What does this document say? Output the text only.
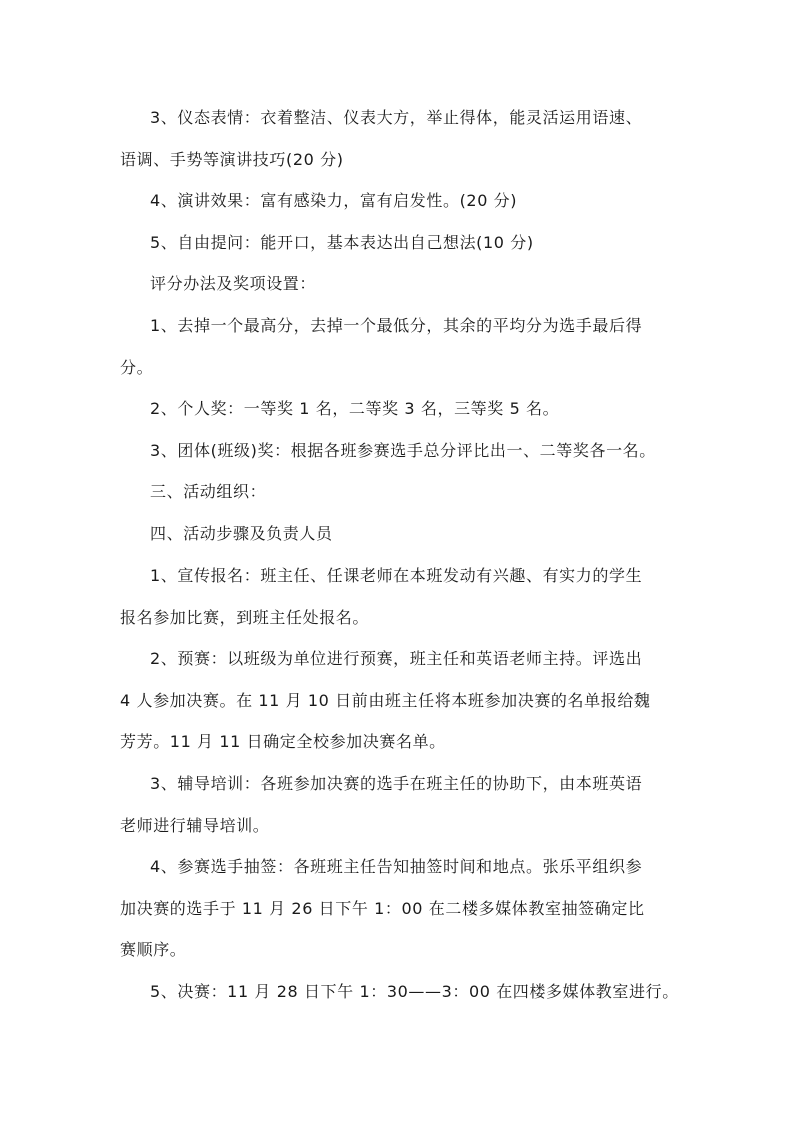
3、仪态表情：衣着整洁、仪表大方，举止得体，能灵活运用语速、
语调、手势等演讲技巧(20 分)

4、演讲效果：富有感染力，富有启发性。(20 分)

5、自由提问：能开口，基本表达出自己想法(10 分)

评分办法及奖项设置：

1、去掉一个最高分，去掉一个最低分，其余的平均分为选手最后得
分。

2、个人奖：一等奖 1 名，二等奖 3 名，三等奖 5 名。

3、团体(班级)奖：根据各班参赛选手总分评比出一、二等奖各一名。

三、活动组织：

四、活动步骤及负责人员

1、宣传报名：班主任、任课老师在本班发动有兴趣、有实力的学生
报名参加比赛，到班主任处报名。

2、预赛：以班级为单位进行预赛，班主任和英语老师主持。评选出
4 人参加决赛。在 11 月 10 日前由班主任将本班参加决赛的名单报给魏
芳芳。11 月 11 日确定全校参加决赛名单。

3、辅导培训：各班参加决赛的选手在班主任的协助下，由本班英语
老师进行辅导培训。

4、参赛选手抽签：各班班主任告知抽签时间和地点。张乐平组织参
加决赛的选手于 11 月 26 日下午 1：00 在二楼多媒体教室抽签确定比
赛顺序。

5、决赛：11 月 28 日下午 1：30——3：00 在四楼多媒体教室进行。
